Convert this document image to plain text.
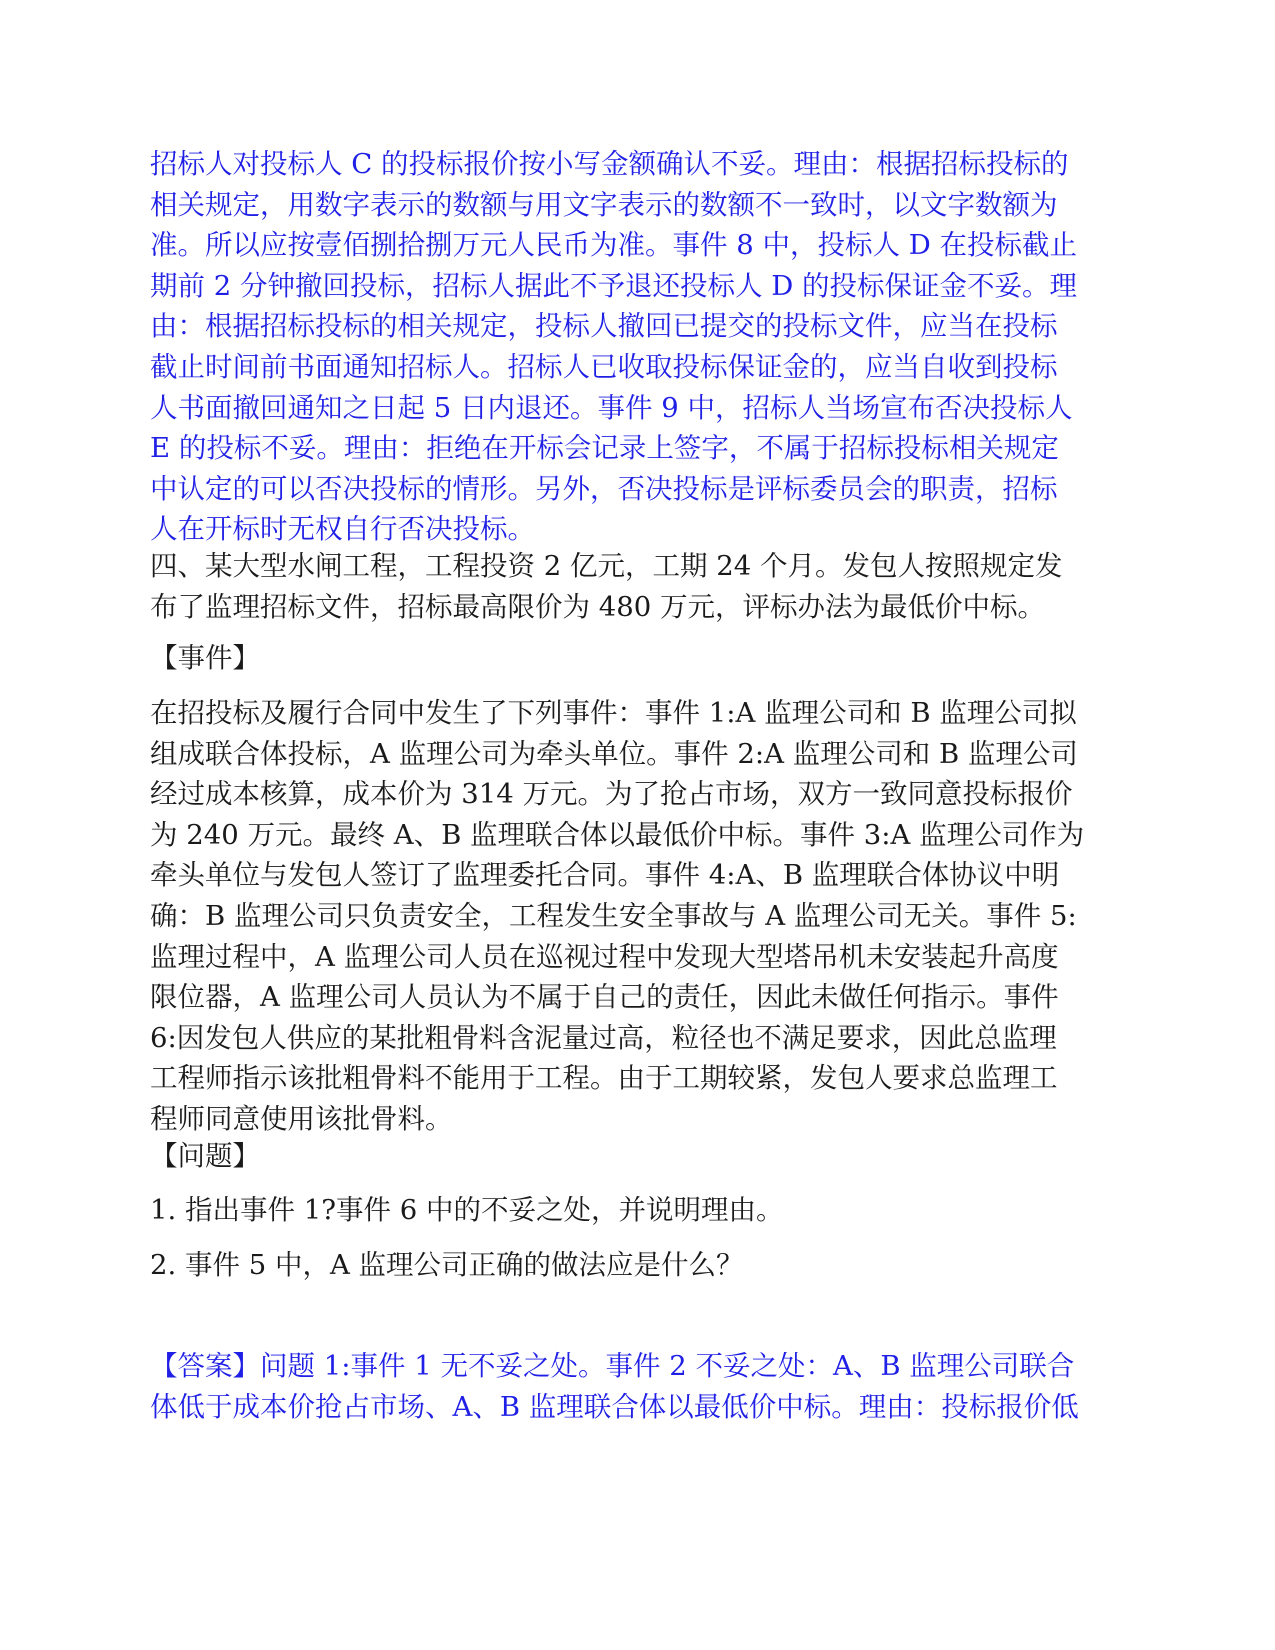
招标人对投标人 C 的投标报价按小写金额确认不妥。理由：根据招标投标的
相关规定，用数字表示的数额与用文字表示的数额不一致时，以文字数额为
准。所以应按壹佰捌拾捌万元人民币为准。事件 8 中，投标人 D 在投标截止
期前 2 分钟撤回投标，招标人据此不予退还投标人 D 的投标保证金不妥。理
由：根据招标投标的相关规定，投标人撤回已提交的投标文件，应当在投标
截止时间前书面通知招标人。招标人已收取投标保证金的，应当自收到投标
人书面撤回通知之日起 5 日内退还。事件 9 中，招标人当场宣布否决投标人
E 的投标不妥。理由：拒绝在开标会记录上签字，不属于招标投标相关规定
中认定的可以否决投标的情形。另外，否决投标是评标委员会的职责，招标
人在开标时无权自行否决投标。
四、某大型水闸工程，工程投资 2 亿元，工期 24 个月。发包人按照规定发
布了监理招标文件，招标最高限价为 480 万元，评标办法为最低价中标。
【事件】
在招投标及履行合同中发生了下列事件：事件 1:A 监理公司和 B 监理公司拟
组成联合体投标，A 监理公司为牵头单位。事件 2:A 监理公司和 B 监理公司
经过成本核算，成本价为 314 万元。为了抢占市场，双方一致同意投标报价
为 240 万元。最终 A、B 监理联合体以最低价中标。事件 3:A 监理公司作为
牵头单位与发包人签订了监理委托合同。事件 4:A、B 监理联合体协议中明
确：B 监理公司只负责安全，工程发生安全事故与 A 监理公司无关。事件 5:
监理过程中，A 监理公司人员在巡视过程中发现大型塔吊机未安装起升高度
限位器，A 监理公司人员认为不属于自己的责任，因此未做任何指示。事件
6:因发包人供应的某批粗骨料含泥量过高，粒径也不满足要求，因此总监理
工程师指示该批粗骨料不能用于工程。由于工期较紧，发包人要求总监理工
程师同意使用该批骨料。
【问题】
1. 指出事件 1?事件 6 中的不妥之处，并说明理由。
2. 事件 5 中，A 监理公司正确的做法应是什么？
【答案】问题 1:事件 1 无不妥之处。事件 2 不妥之处：A、B 监理公司联合
体低于成本价抢占市场、A、B 监理联合体以最低价中标。理由：投标报价低
